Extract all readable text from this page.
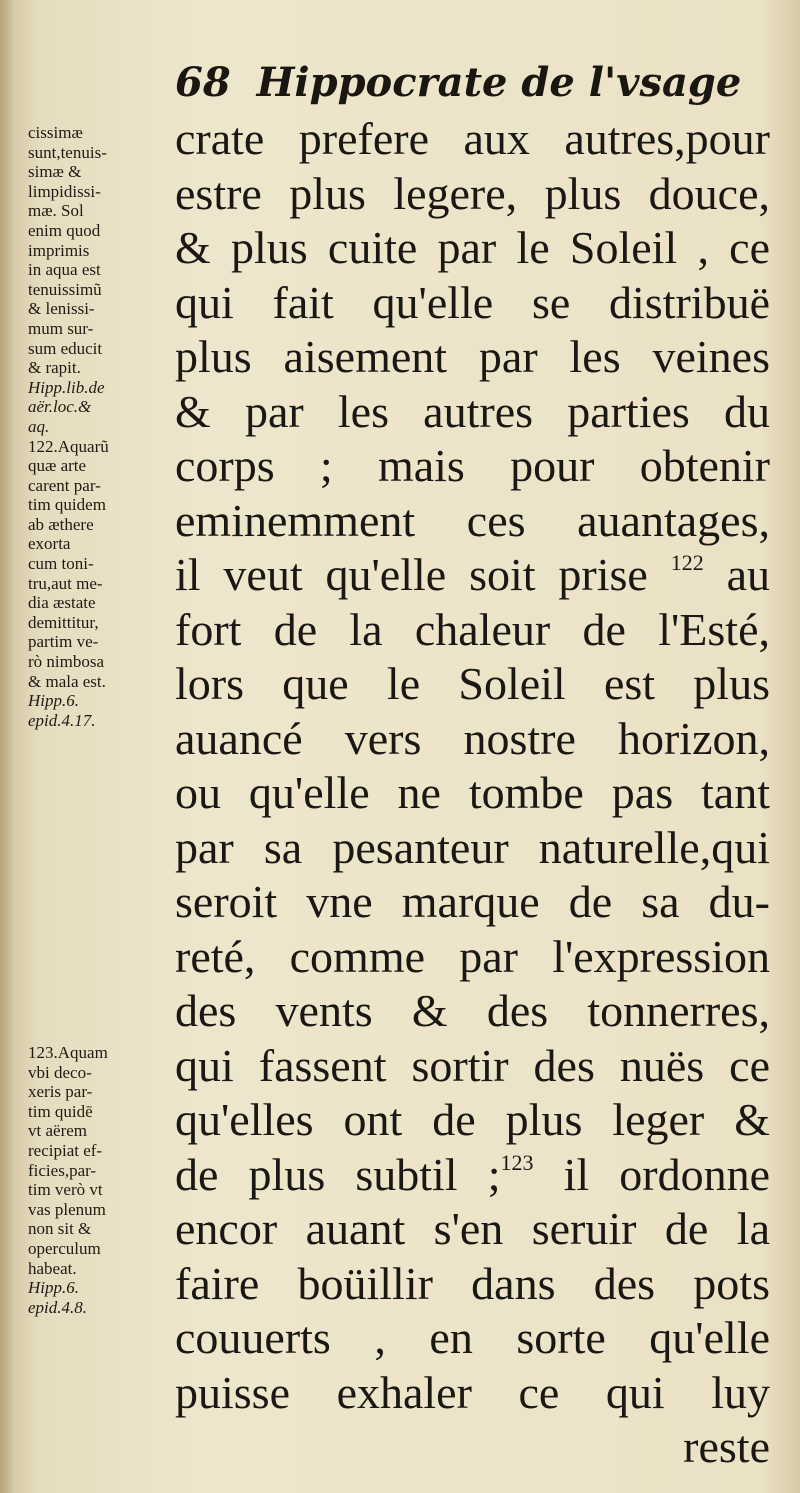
68 Hippocrate de l'vsage
crate prefere aux autres,pour
estre plus legere, plus douce,
& plus cuite par le Soleil , ce
qui fait qu'elle se distribuë
plus aisement par les veines
& par les autres parties du
corps ; mais pour obtenir
eminemment ces auantages,
il veut qu'elle soit prise $^{122}$ au
fort de la chaleur de l'Esté,
lors que le Soleil est plus
auancé vers nostre horizon,
ou qu'elle ne tombe pas tant
par sa pesanteur naturelle,qui
seroit vne marque de sa du-
reté, comme par l'expression
des vents & des tonnerres,
qui fassent sortir des nuës ce
qu'elles ont de plus leger &
de plus subtil ;$^{123}$ il ordonne
encor auant s'en seruir de la
faire boüillir dans des pots
couuerts , en sorte qu'elle
puisse exhaler ce qui luy
reste
cissimæ
sunt,tenuis-
simæ &
limpidissi-
mæ. Sol
enim quod
imprimis
in aqua est
tenuissimũ
& lenissi-
mum sur-
sum educit
& rapit.
Hipp.lib.de
aër.loc.&
aq.
122.Aquarũ
quæ arte
carent par-
tim quidem
ab æthere
exorta
cum toni-
tru,aut me-
dia æstate
demittitur,
partim ve-
rò nimbosa
& mala est.
Hipp.6.
epid.4.17.
123.Aquam
vbi deco-
xeris par-
tim quidē
vt aërem
recipiat ef-
ficies,par-
tim verò vt
vas plenum
non sit &
operculum
habeat.
Hipp.6.
epid.4.8.
